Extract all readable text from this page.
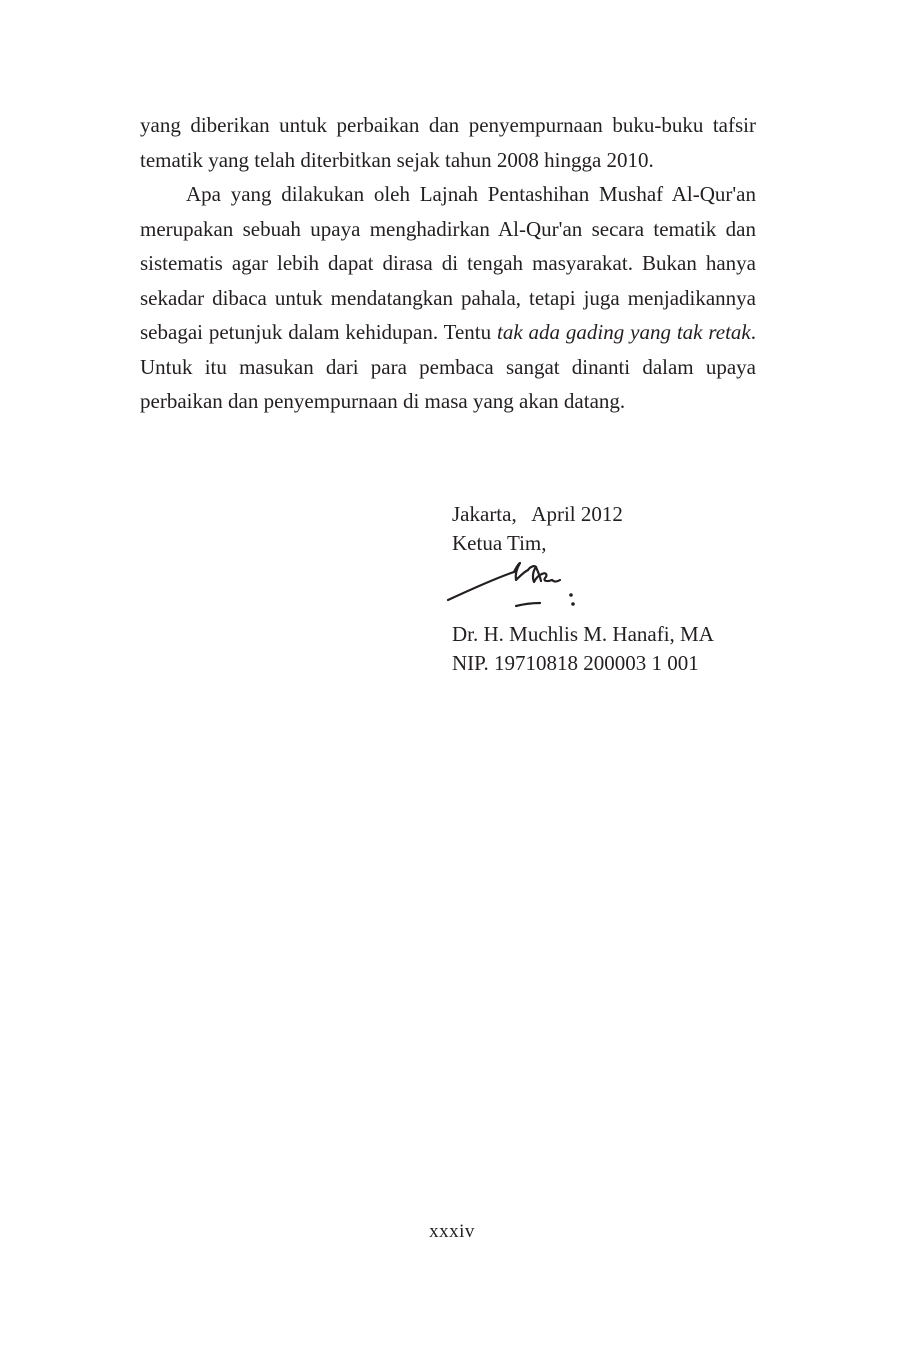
yang diberikan untuk perbaikan dan penyempurnaan buku-buku tafsir tematik yang telah diterbitkan sejak tahun 2008 hingga 2010.

Apa yang dilakukan oleh Lajnah Pentashihan Mushaf Al-Qur'an merupakan sebuah upaya menghadirkan Al-Qur'an secara tematik dan sistematis agar lebih dapat dirasa di tengah masyarakat. Bukan hanya sekadar dibaca untuk mendatangkan pahala, tetapi juga menjadikannya sebagai petunjuk dalam kehidupan. Tentu tak ada gading yang tak retak. Untuk itu masukan dari para pembaca sangat dinanti dalam upaya perbaikan dan penyempurnaan di masa yang akan datang.

Jakarta,   April 2012
Ketua Tim,
Dr. H. Muchlis M. Hanafi, MA
NIP. 19710818 200003 1 001
xxxiv
